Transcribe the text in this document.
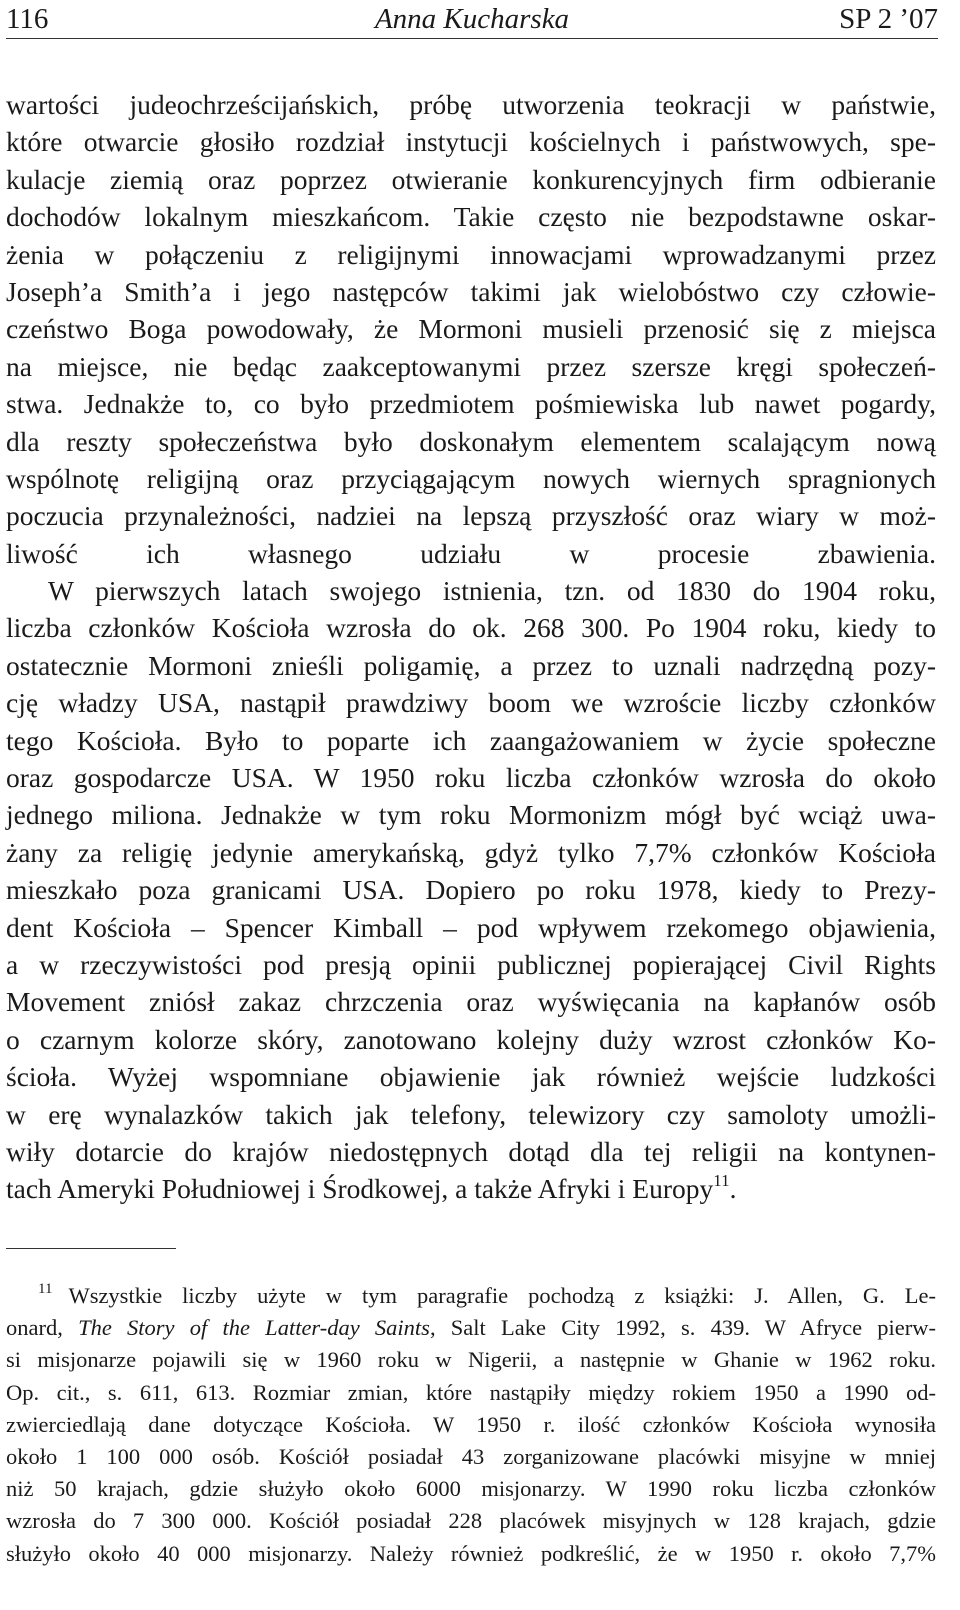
116	Anna Kucharska	SP 2 ’07
wartości judeochrześcijańskich, próbę utworzenia teokracji w państwie,
które otwarcie głosiło rozdział instytucji kościelnych i państwowych, spe-
kulacje ziemią oraz poprzez otwieranie konkurencyjnych firm odbieranie
dochodów lokalnym mieszkańcom. Takie często nie bezpodstawne oskar-
żenia w połączeniu z religijnymi innowacjami wprowadzanymi przez
Joseph’a Smith’a i jego następców takimi jak wielobóstwo czy człowie-
czeństwo Boga powodowały, że Mormoni musieli przenosić się z miejsca
na miejsce, nie będąc zaakceptowanymi przez szersze kręgi społeczeń-
stwa. Jednakże to, co było przedmiotem pośmiewiska lub nawet pogardy,
dla reszty społeczeństwa było doskonałym elementem scalającym nową
wspólnotę religijną oraz przyciągającym nowych wiernych spragnionych
poczucia przynależności, nadziei na lepszą przyszłość oraz wiary w moż-
liwość ich własnego udziału w procesie zbawienia.
W pierwszych latach swojego istnienia, tzn. od 1830 do 1904 roku,
liczba członków Kościoła wzrosła do ok. 268 300. Po 1904 roku, kiedy to
ostatecznie Mormoni znieśli poligamię, a przez to uznali nadrzędną pozy-
cję władzy USA, nastąpił prawdziwy boom we wzroście liczby członków
tego Kościoła. Było to poparte ich zaangażowaniem w życie społeczne
oraz gospodarcze USA. W 1950 roku liczba członków wzrosła do około
jednego miliona. Jednakże w tym roku Mormonizm mógł być wciąż uwa-
żany za religię jedynie amerykańską, gdyż tylko 7,7% członków Kościoła
mieszkało poza granicami USA. Dopiero po roku 1978, kiedy to Prezy-
dent Kościoła – Spencer Kimball – pod wpływem rzekomego objawienia,
a w rzeczywistości pod presją opinii publicznej popierającej Civil Rights
Movement zniósł zakaz chrzczenia oraz wyświęcania na kapłanów osób
o czarnym kolorze skóry, zanotowano kolejny duży wzrost członków Ko-
ścioła. Wyżej wspomniane objawienie jak również wejście ludzkości
w erę wynalazków takich jak telefony, telewizory czy samoloty umożli-
wiły dotarcie do krajów niedostępnych dotąd dla tej religii na kontynen-
tach Ameryki Południowej i Środkowej, a także Afryki i Europy$^{11}$.
$^{11}$ Wszystkie liczby użyte w tym paragrafie pochodzą z książki: J. Allen, G. Le-
onard, The Story of the Latter-day Saints, Salt Lake City 1992, s. 439. W Afryce pierw-
si misjonarze pojawili się w 1960 roku w Nigerii, a następnie w Ghanie w 1962 roku.
Op. cit., s. 611, 613. Rozmiar zmian, które nastąpiły między rokiem 1950 a 1990 od-
zwierciedlają dane dotyczące Kościoła. W 1950 r. ilość członków Kościoła wynosiła
około 1 100 000 osób. Kościół posiadał 43 zorganizowane placówki misyjne w mniej
niż 50 krajach, gdzie służyło około 6000 misjonarzy. W 1990 roku liczba członków
wzrosła do 7 300 000. Kościół posiadał 228 placówek misyjnych w 128 krajach, gdzie
służyło około 40 000 misjonarzy. Należy również podkreślić, że w 1950 r. około 7,7%
